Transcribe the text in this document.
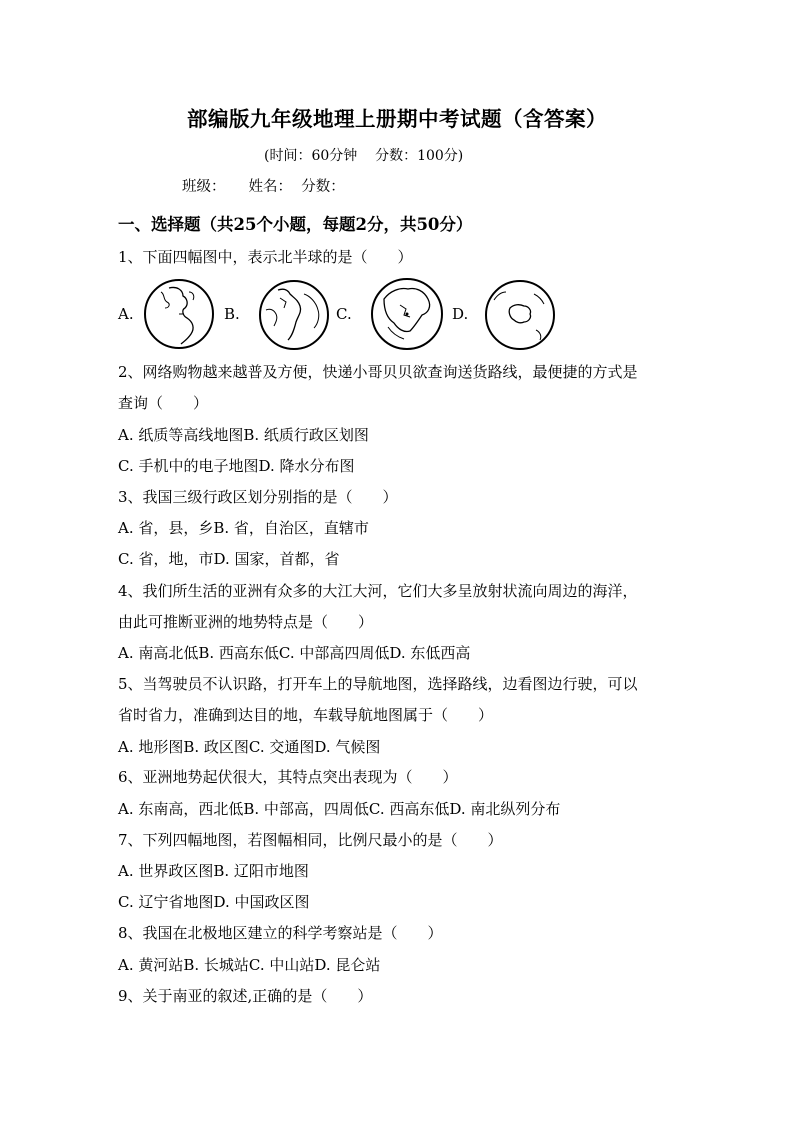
部编版九年级地理上册期中考试题（含答案）
(时间：60分钟    分数：100分)
班级：     姓名：  分数：
一、选择题（共25个小题，每题2分，共50分）
1、下面四幅图中，表示北半球的是（　　）
A.	B.	C.	D.
2、网络购物越来越普及方便，快递小哥贝贝欲查询送货路线，最便捷的方式是
查询（　　）
A. 纸质等高线地图B. 纸质行政区划图
C. 手机中的电子地图D. 降水分布图
3、我国三级行政区划分别指的是（　　）
A. 省，县，乡B. 省，自治区，直辖市
C. 省，地，市D. 国家，首都，省
4、我们所生活的亚洲有众多的大江大河，它们大多呈放射状流向周边的海洋，
由此可推断亚洲的地势特点是（　　）
A. 南高北低B. 西高东低C. 中部高四周低D. 东低西高
5、当驾驶员不认识路，打开车上的导航地图，选择路线，边看图边行驶，可以
省时省力，准确到达目的地，车载导航地图属于（　　）
A. 地形图B. 政区图C. 交通图D. 气候图
6、亚洲地势起伏很大，其特点突出表现为（　　）
A. 东南高，西北低B. 中部高，四周低C. 西高东低D. 南北纵列分布
7、下列四幅地图，若图幅相同，比例尺最小的是（　　）
A. 世界政区图B. 辽阳市地图
C. 辽宁省地图D. 中国政区图
8、我国在北极地区建立的科学考察站是（　　）
A. 黄河站B. 长城站C. 中山站D. 昆仑站
9、关于南亚的叙述,正确的是（　　）
